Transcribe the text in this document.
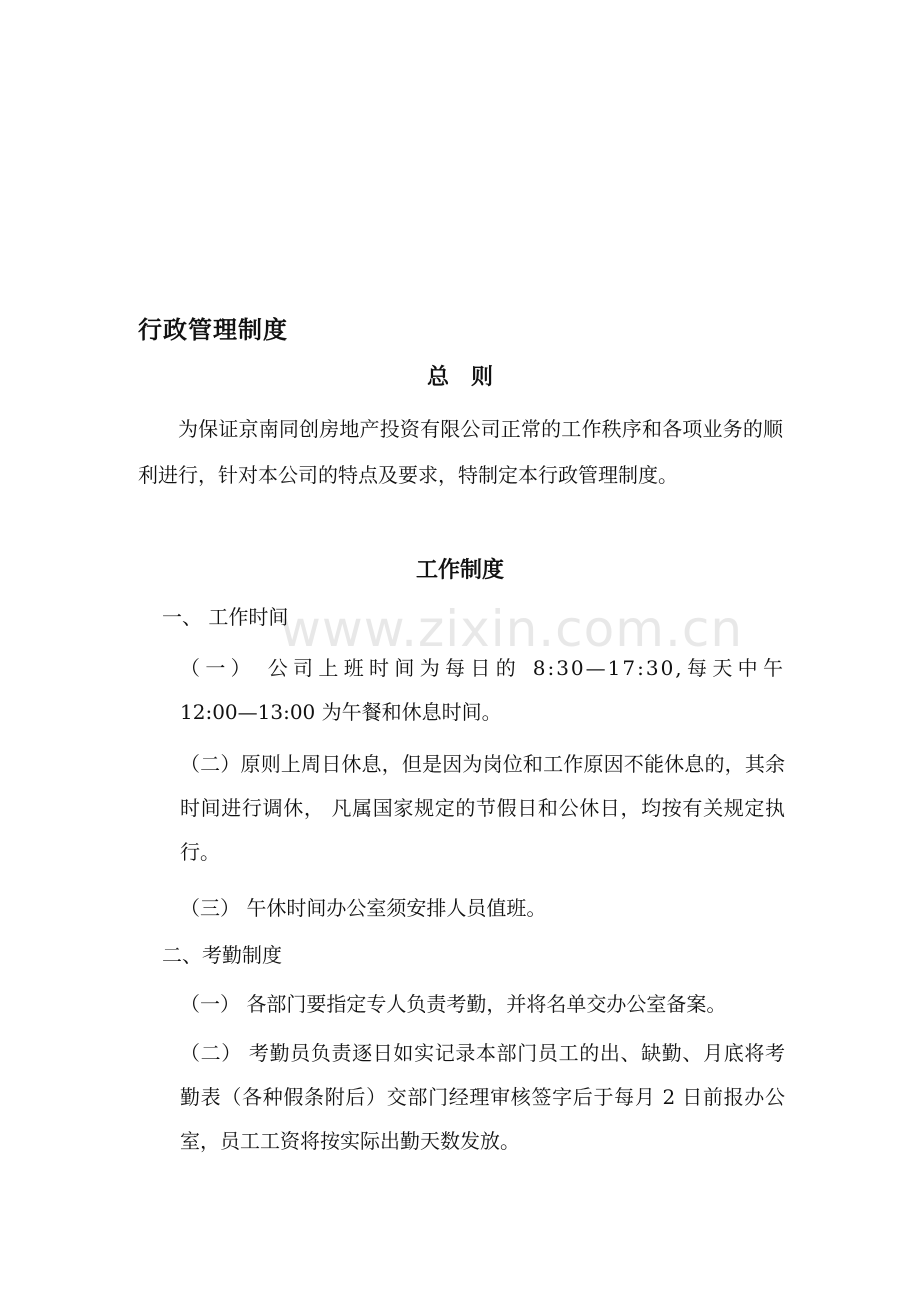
www.zixin.com.cn
行政管理制度
总　则

为保证京南同创房地产投资有限公司正常的工作秩序和各项业务的顺利进行，针对本公司的特点及要求，特制定本行政管理制度。

工作制度

一、 工作时间

（一） 公司上班时间为每日的 8:30—17:30,每天中午
12:00—13:00 为午餐和休息时间。

（二）原则上周日休息，但是因为岗位和工作原因不能休息的，其余时间进行调休， 凡属国家规定的节假日和公休日，均按有关规定执行。

（三） 午休时间办公室须安排人员值班。

二、考勤制度

（一） 各部门要指定专人负责考勤，并将名单交办公室备案。

（二） 考勤员负责逐日如实记录本部门员工的出、缺勤、月底将考勤表（各种假条附后）交部门经理审核签字后于每月 2 日前报办公室，员工工资将按实际出勤天数发放。
